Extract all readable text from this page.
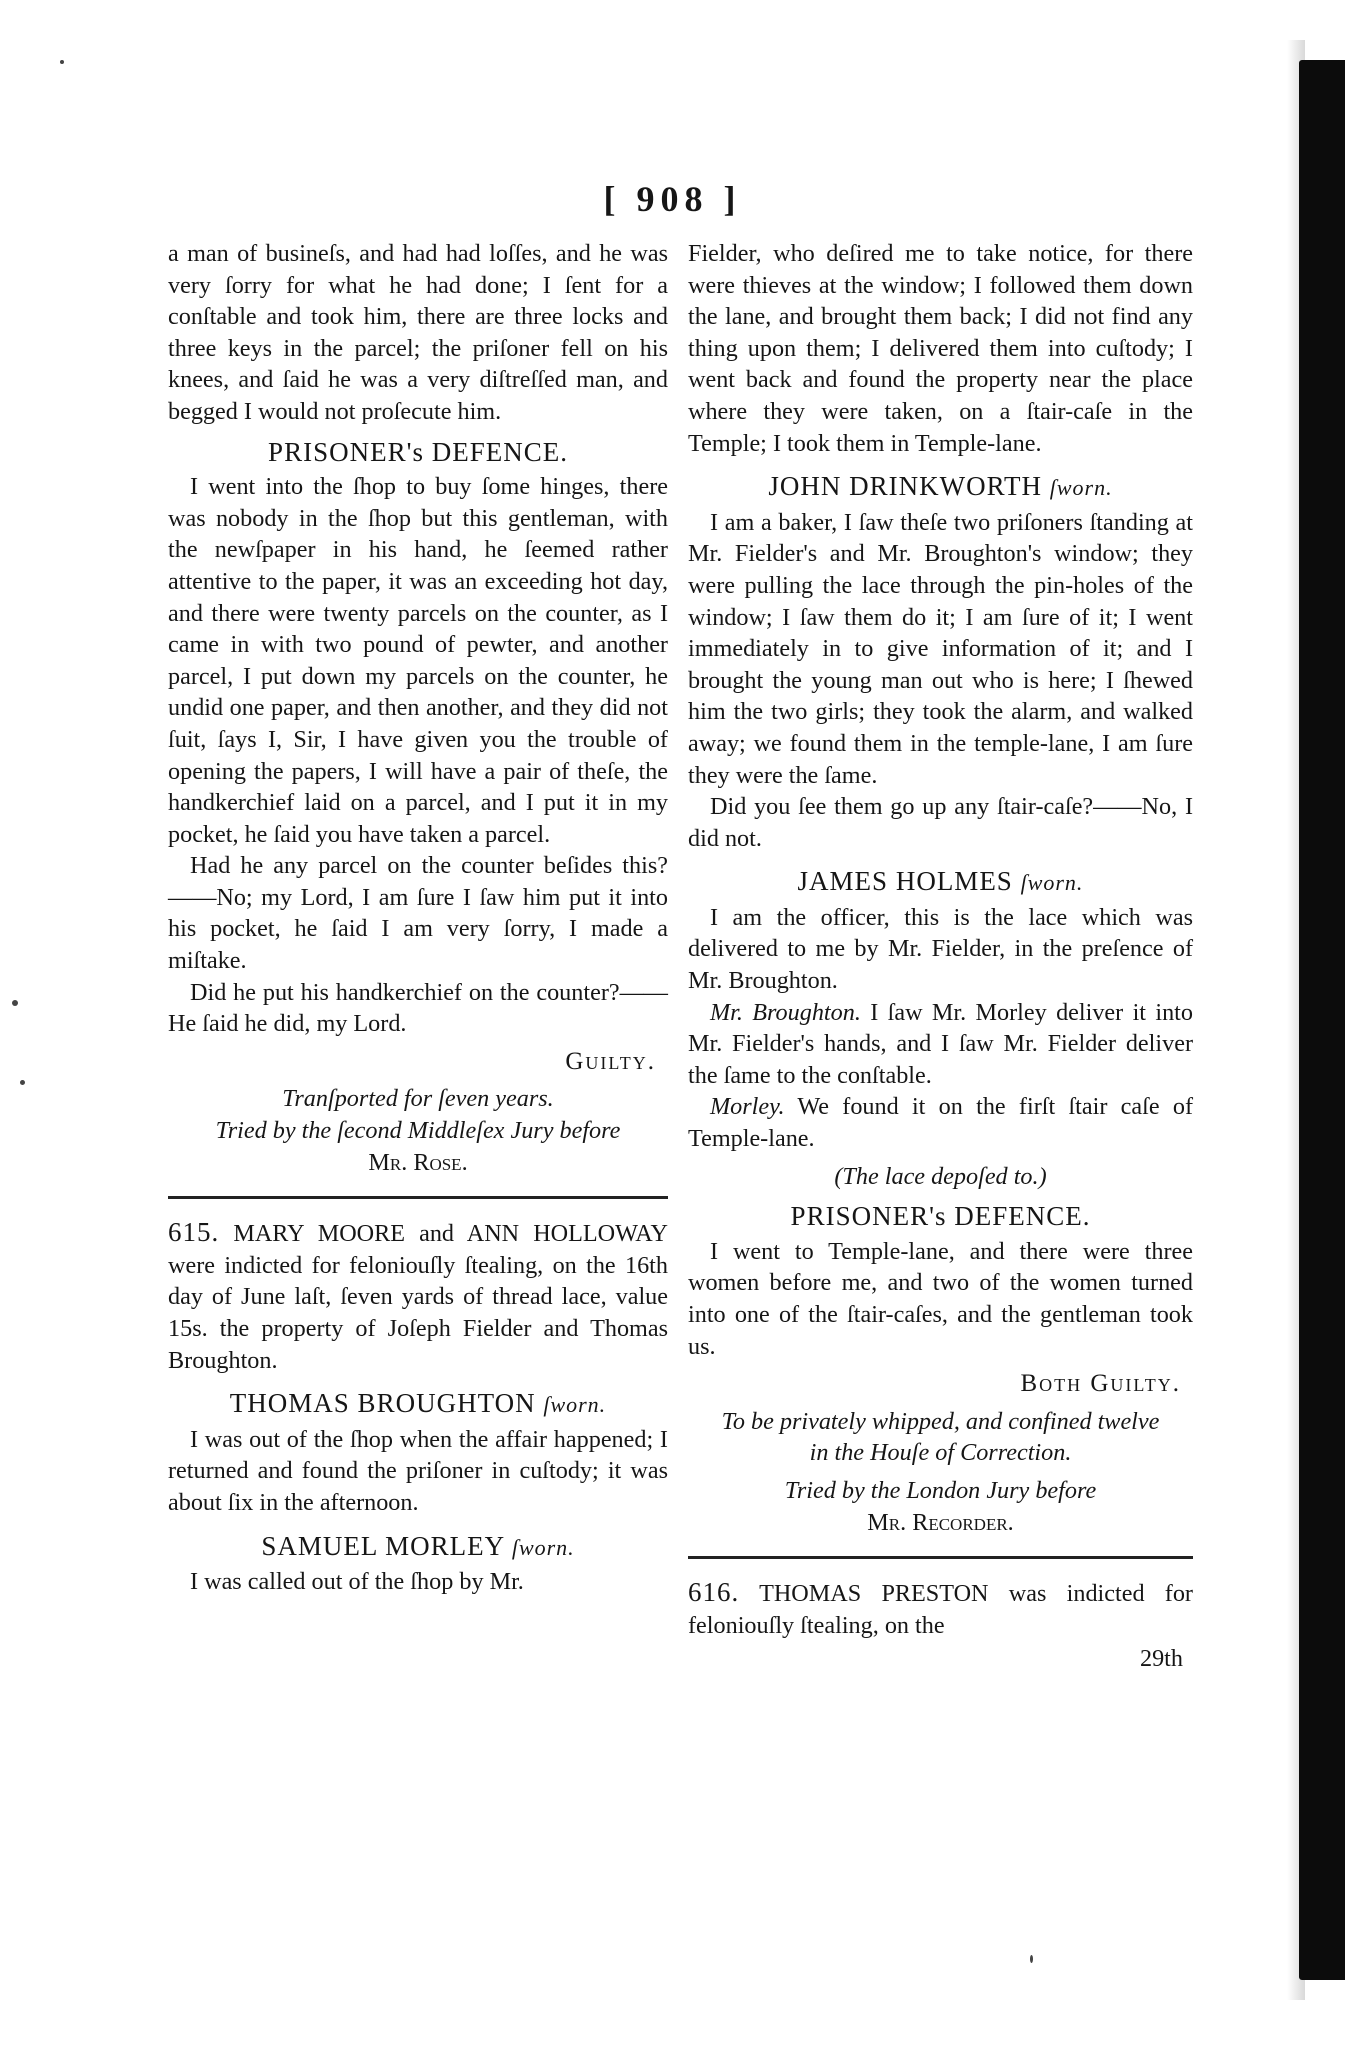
[ 908 ]

a man of busineſs, and had had loſſes, and he was very ſorry for what he had done; I ſent for a conſtable and took him, there are three locks and three keys in the parcel; the priſoner fell on his knees, and ſaid he was a very diſtreſſed man, and begged I would not proſecute him.

PRISONER's DEFENCE.

I went into the ſhop to buy ſome hinges, there was nobody in the ſhop but this gentleman, with the newſpaper in his hand, he ſeemed rather attentive to the paper, it was an exceeding hot day, and there were twenty parcels on the counter, as I came in with two pound of pewter, and another parcel, I put down my parcels on the counter, he undid one paper, and then another, and they did not ſuit, ſays I, Sir, I have given you the trouble of opening the papers, I will have a pair of theſe, the handkerchief laid on a parcel, and I put it in my pocket, he ſaid you have taken a parcel.

Had he any parcel on the counter beſides this?——No; my Lord, I am ſure I ſaw him put it into his pocket, he ſaid I am very ſorry, I made a miſtake.

Did he put his handkerchief on the counter?——He ſaid he did, my Lord.

Guilty.

Tranſported for ſeven years.

Tried by the ſecond Middleſex Jury before

Mr. Rose.

615. MARY MOORE and ANN HOLLOWAY were indicted for feloniouſly ſtealing, on the 16th day of June laſt, ſeven yards of thread lace, value 15s. the property of Joſeph Fielder and Thomas Broughton.

THOMAS BROUGHTON ſworn.

I was out of the ſhop when the affair happened; I returned and found the priſoner in cuſtody; it was about ſix in the afternoon.

SAMUEL MORLEY ſworn.

I was called out of the ſhop by Mr.

Fielder, who deſired me to take notice, for there were thieves at the window; I followed them down the lane, and brought them back; I did not find any thing upon them; I delivered them into cuſtody; I went back and found the property near the place where they were taken, on a ſtair-caſe in the Temple; I took them in Temple-lane.

JOHN DRINKWORTH ſworn.

I am a baker, I ſaw theſe two priſoners ſtanding at Mr. Fielder's and Mr. Broughton's window; they were pulling the lace through the pin-holes of the window; I ſaw them do it; I am ſure of it; I went immediately in to give information of it; and I brought the young man out who is here; I ſhewed him the two girls; they took the alarm, and walked away; we found them in the temple-lane, I am ſure they were the ſame.

Did you ſee them go up any ſtair-caſe?——No, I did not.

JAMES HOLMES ſworn.

I am the officer, this is the lace which was delivered to me by Mr. Fielder, in the preſence of Mr. Broughton.

Mr. Broughton. I ſaw Mr. Morley deliver it into Mr. Fielder's hands, and I ſaw Mr. Fielder deliver the ſame to the conſtable.

Morley. We found it on the firſt ſtair caſe of Temple-lane.

(The lace depoſed to.)

PRISONER's DEFENCE.

I went to Temple-lane, and there were three women before me, and two of the women turned into one of the ſtair-caſes, and the gentleman took us.

Both Guilty.

To be privately whipped, and confined twelve

in the Houſe of Correction.

Tried by the London Jury before

Mr. Recorder.

616. THOMAS PRESTON was indicted for feloniouſly ſtealing, on the

29th
